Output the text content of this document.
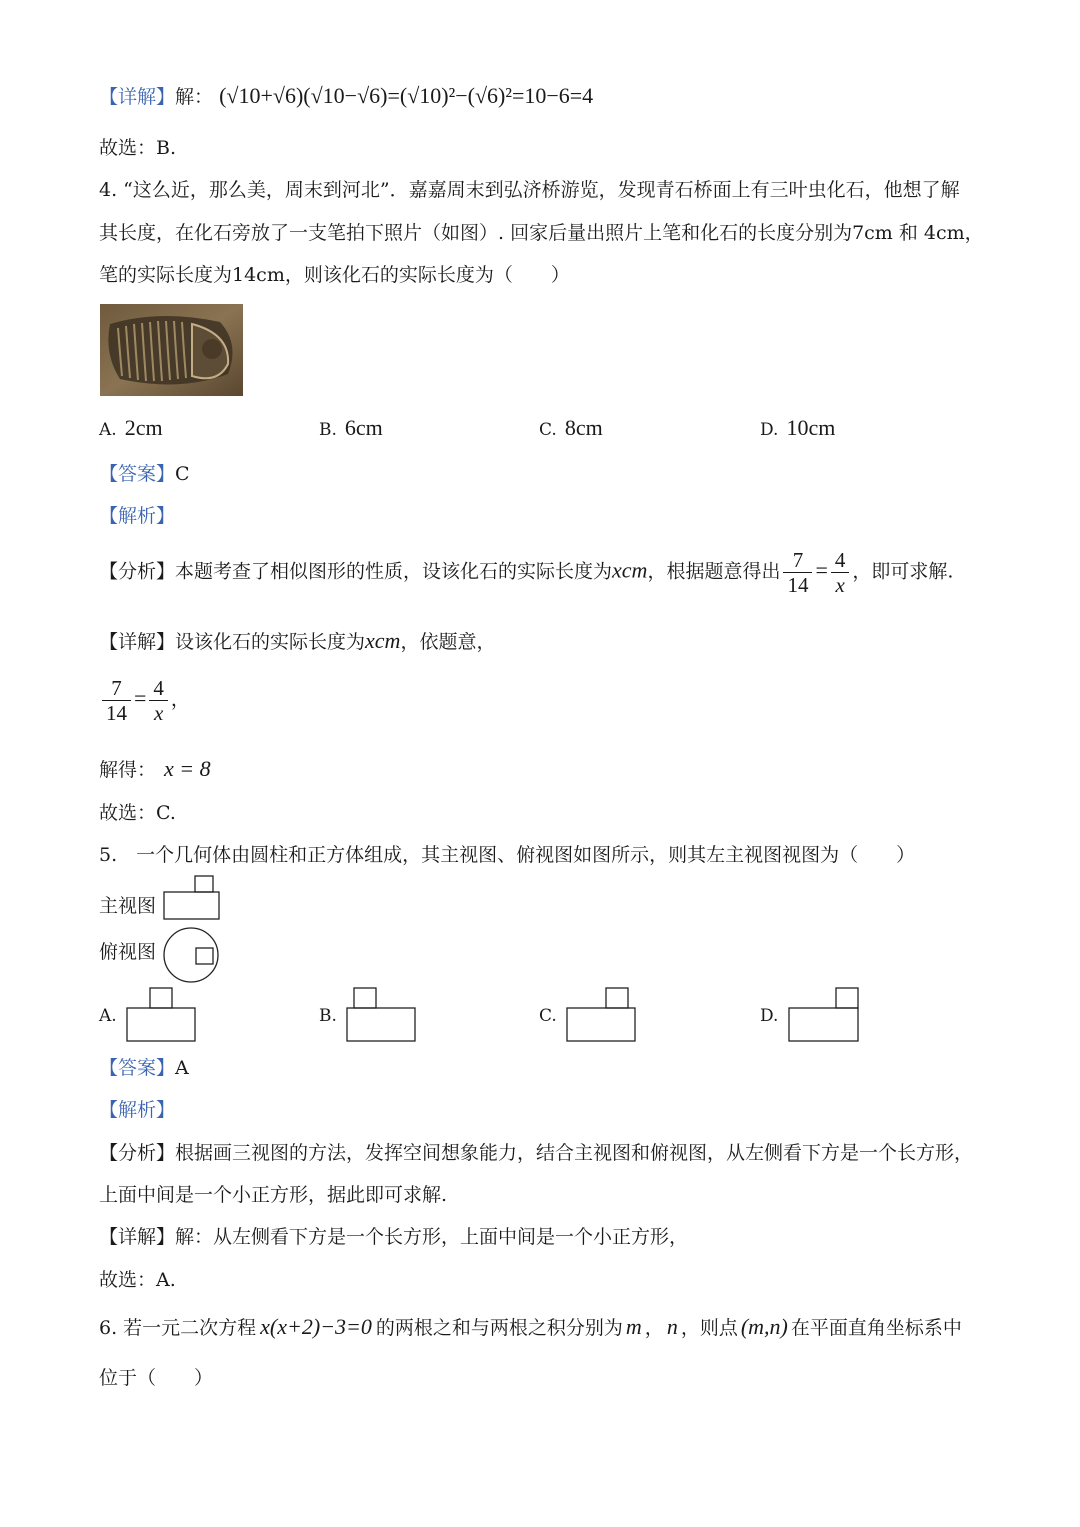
【详解】解： (√10+√6)(√10−√6)=(√10)²−(√6)²=10−6=4
故选：B.
4. “这么近，那么美，周末到河北”．嘉嘉周末到弘济桥游览，发现青石桥面上有三叶虫化石，他想了解
其长度，在化石旁放了一支笔拍下照片（如图）. 回家后量出照片上笔和化石的长度分别为7cm 和 4cm，
笔的实际长度为14cm，则该化石的实际长度为（　　）
A. 2cm	B. 6cm	C. 8cm	D. 10cm
【答案】C
【解析】
【分析】本题考查了相似图形的性质，设该化石的实际长度为xcm，根据题意得出 $\frac{7}{14} = \frac{4}{x}$ ，即可求解.
【详解】设该化石的实际长度为xcm，依题意，
$\frac{7}{14} = \frac{4}{x}$ ，
解得： x = 8
故选：C.
5.　一个几何体由圆柱和正方体组成，其主视图、俯视图如图所示，则其左主视图视图为（　　）
主视图
俯视图
A.	B.	C.	D.
【答案】A
【解析】
【分析】根据画三视图的方法，发挥空间想象能力，结合主视图和俯视图，从左侧看下方是一个长方形，
上面中间是一个小正方形，据此即可求解.
【详解】解：从左侧看下方是一个长方形，上面中间是一个小正方形，
故选：A.
6. 若一元二次方程 x(x+2)−3=0 的两根之和与两根之积分别为 m ， n ，则点 (m,n) 在平面直角坐标系中
位于（　　）
